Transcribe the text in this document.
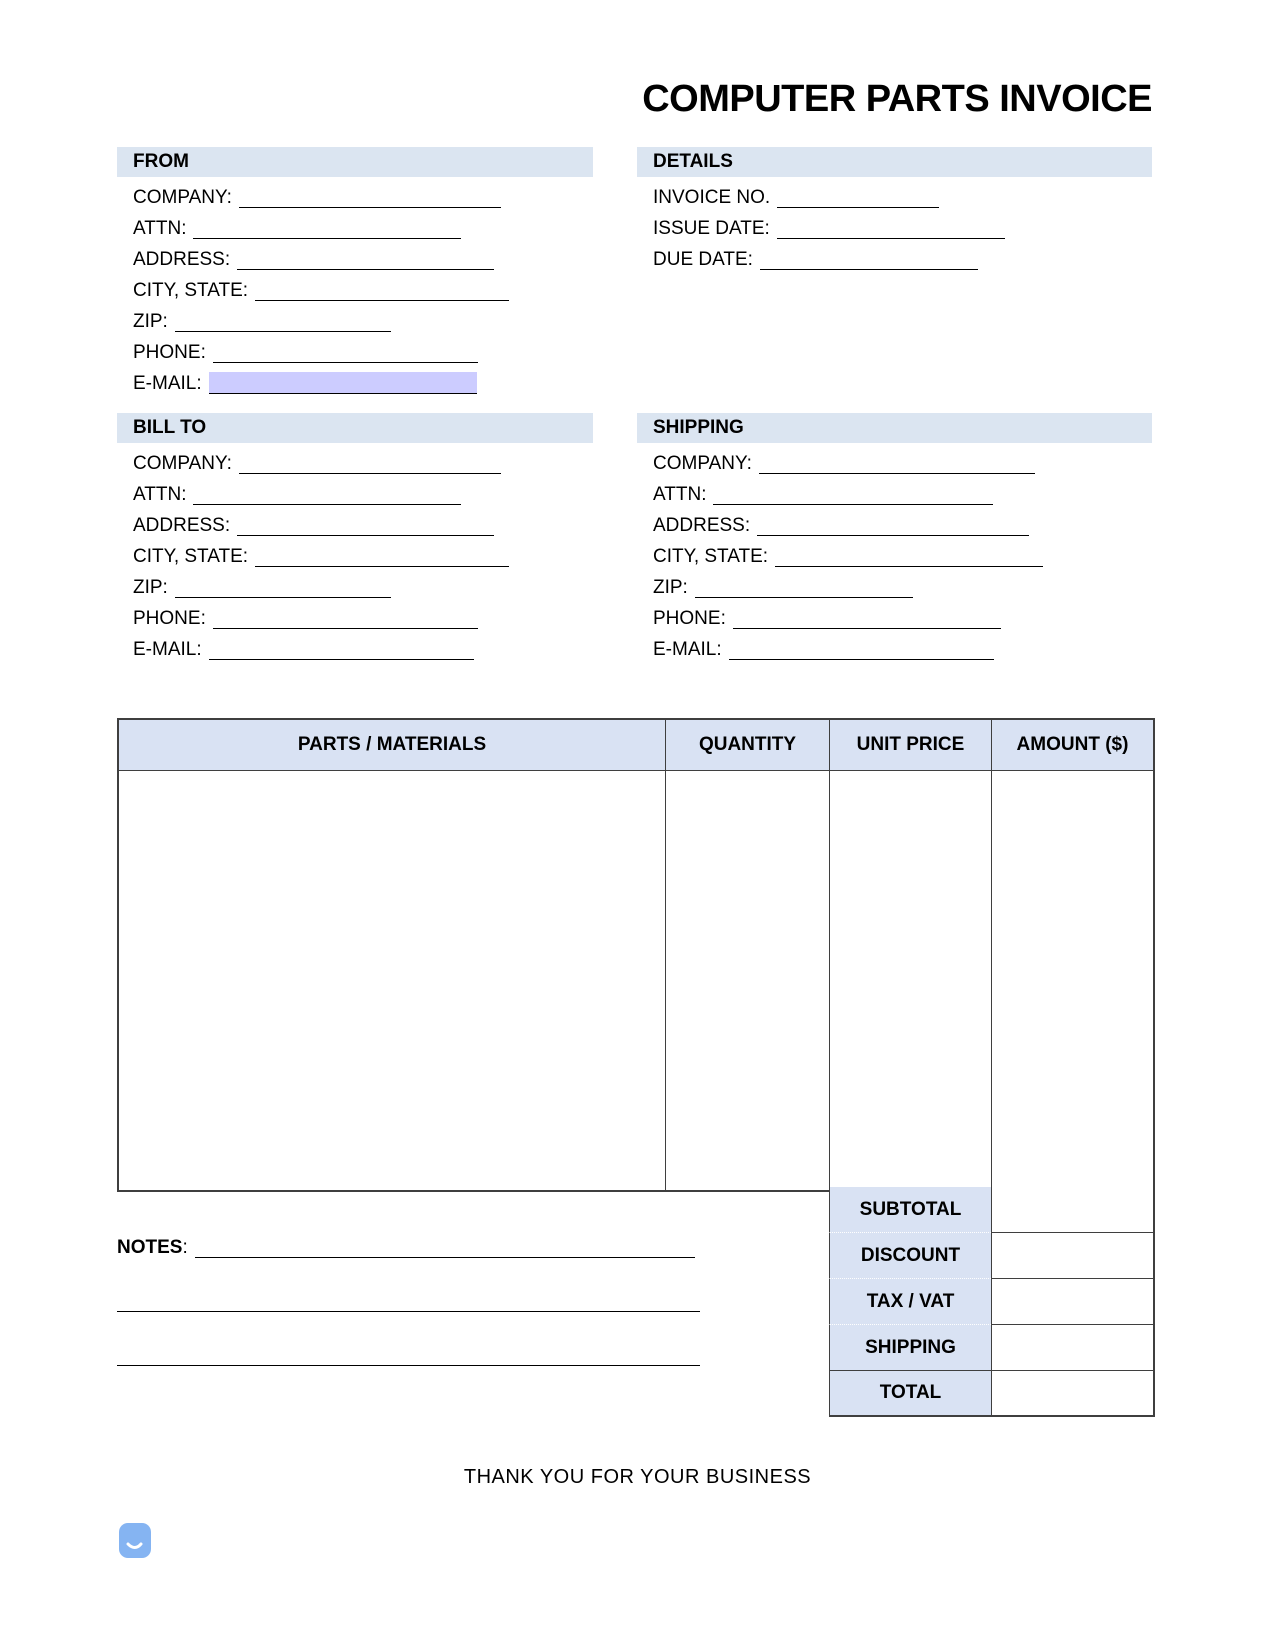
COMPUTER PARTS INVOICE
FROM
COMPANY:
ATTN:
ADDRESS:
CITY, STATE:
ZIP:
PHONE:
E-MAIL:
DETAILS
INVOICE NO.
ISSUE DATE:
DUE DATE:
BILL TO
COMPANY:
ATTN:
ADDRESS:
CITY, STATE:
ZIP:
PHONE:
E-MAIL:
SHIPPING
COMPANY:
ATTN:
ADDRESS:
CITY, STATE:
ZIP:
PHONE:
E-MAIL:
PARTS / MATERIALS	QUANTITY	UNIT PRICE	AMOUNT ($)
SUBTOTAL
DISCOUNT
TAX / VAT
SHIPPING
TOTAL
NOTES:
THANK YOU FOR YOUR BUSINESS
